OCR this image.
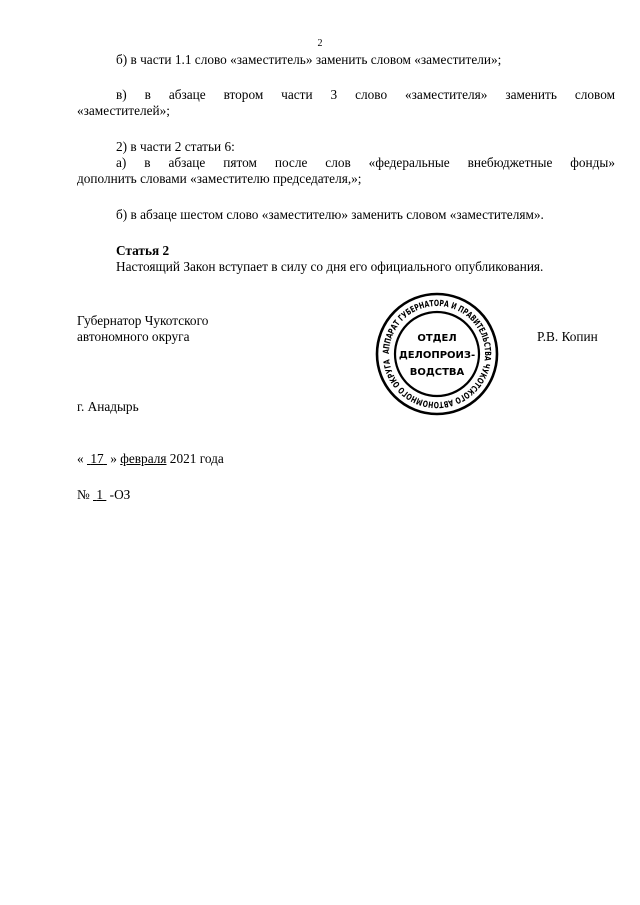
2
б) в части 1.1 слово «заместитель» заменить словом «заместители»;
в) в абзаце втором части 3 слово «заместителя» заменить словом
«заместителей»;
2) в части 2 статьи 6:
а) в абзаце пятом после слов «федеральные внебюджетные фонды»
дополнить словами «заместителю председателя,»;
б) в абзаце шестом слово «заместителю» заменить словом «заместителям».
Статья 2
Настоящий Закон вступает в силу со дня его официального опубликования.
Губернатор Чукотского
автономного округа	Р.В. Копин
АППАРАТ ГУБЕРНАТОРА И ПРАВИТЕЛЬСТВА ЧУКОТСКОГО АВТОНОМНОГО ОКРУГА
ОТДЕЛ
ДЕЛОПРОИЗ-
ВОДСТВА
г. Анадырь
« 17 » февраля 2021 года
№ 1 -ОЗ
